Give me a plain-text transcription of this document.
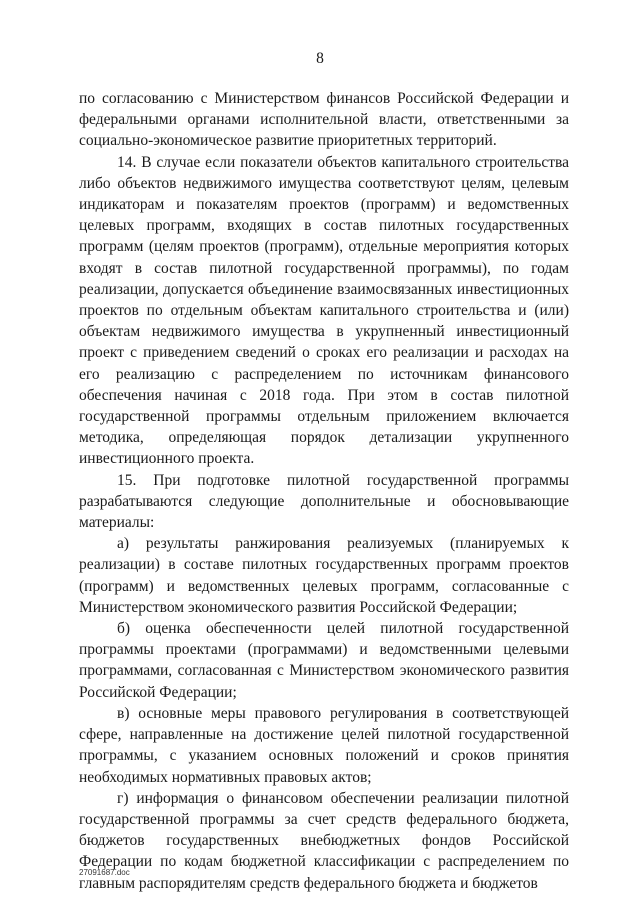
8

по согласованию с Министерством финансов Российской Федерации и федеральными органами исполнительной власти, ответственными за социально-экономическое развитие приоритетных территорий.

14. В случае если показатели объектов капитального строительства либо объектов недвижимого имущества соответствуют целям, целевым индикаторам и показателям проектов (программ) и ведомственных целевых программ, входящих в состав пилотных государственных программ (целям проектов (программ), отдельные мероприятия которых входят в состав пилотной государственной программы), по годам реализации, допускается объединение взаимосвязанных инвестиционных проектов по отдельным объектам капитального строительства и (или) объектам недвижимого имущества в укрупненный инвестиционный проект с приведением сведений о сроках его реализации и расходах на его реализацию с распределением по источникам финансового обеспечения начиная с 2018 года. При этом в состав пилотной государственной программы отдельным приложением включается методика, определяющая порядок детализации укрупненного инвестиционного проекта.

15. При подготовке пилотной государственной программы разрабатываются следующие дополнительные и обосновывающие материалы:

а) результаты ранжирования реализуемых (планируемых к реализации) в составе пилотных государственных программ проектов (программ) и ведомственных целевых программ, согласованные с Министерством экономического развития Российской Федерации;

б) оценка обеспеченности целей пилотной государственной программы проектами (программами) и ведомственными целевыми программами, согласованная с Министерством экономического развития Российской Федерации;

в) основные меры правового регулирования в соответствующей сфере, направленные на достижение целей пилотной государственной программы, с указанием основных положений и сроков принятия необходимых нормативных правовых актов;

г) информация о финансовом обеспечении реализации пилотной государственной программы за счет средств федерального бюджета, бюджетов государственных внебюджетных фондов Российской Федерации по кодам бюджетной классификации с распределением по главным распорядителям средств федерального бюджета и бюджетов

27091687.doc
